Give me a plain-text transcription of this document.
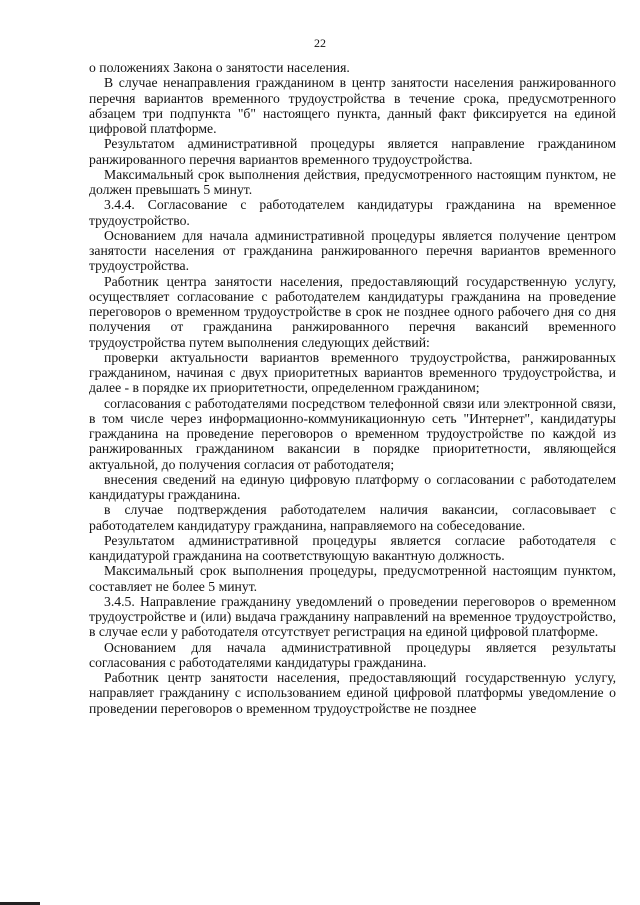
22

о положениях Закона о занятости населения.

В случае ненаправления гражданином в центр занятости населения ранжированного перечня вариантов временного трудоустройства в течение срока, предусмотренного абзацем три подпункта "б" настоящего пункта, данный факт фиксируется на единой цифровой платформе.

Результатом административной процедуры является направление гражданином ранжированного перечня вариантов временного трудоустройства.

Максимальный срок выполнения действия, предусмотренного настоящим пунктом, не должен превышать 5 минут.

3.4.4. Согласование с работодателем кандидатуры гражданина на временное трудоустройство.

Основанием для начала административной процедуры является получение центром занятости населения от гражданина ранжированного перечня вариантов временного трудоустройства.

Работник центра занятости населения, предоставляющий государственную услугу, осуществляет согласование с работодателем кандидатуры гражданина на проведение переговоров о временном трудоустройстве в срок не позднее одного рабочего дня со дня получения от гражданина ранжированного перечня вакансий временного трудоустройства путем выполнения следующих действий:

проверки актуальности вариантов временного трудоустройства, ранжированных гражданином, начиная с двух приоритетных вариантов временного трудоустройства, и далее - в порядке их приоритетности, определенном гражданином;

согласования с работодателями посредством телефонной связи или электронной связи, в том числе через информационно-коммуникационную сеть "Интернет", кандидатуры гражданина на проведение переговоров о временном трудоустройстве по каждой из ранжированных гражданином вакансии в порядке приоритетности, являющейся актуальной, до получения согласия от работодателя;

внесения сведений на единую цифровую платформу о согласовании с работодателем кандидатуры гражданина.

в случае подтверждения работодателем наличия вакансии, согласовывает с работодателем кандидатуру гражданина, направляемого на собеседование.

Результатом административной процедуры является согласие работодателя с кандидатурой гражданина на соответствующую вакантную должность.

Максимальный срок выполнения процедуры, предусмотренной настоящим пунктом, составляет не более 5 минут.

3.4.5. Направление гражданину уведомлений о проведении переговоров о временном трудоустройстве и (или) выдача гражданину направлений на временное трудоустройство, в случае если у работодателя отсутствует регистрация на единой цифровой платформе.

Основанием для начала административной процедуры является результаты согласования с работодателями кандидатуры гражданина.

Работник центр занятости населения, предоставляющий государственную услугу, направляет гражданину с использованием единой цифровой платформы уведомление о проведении переговоров о временном трудоустройстве не позднее
